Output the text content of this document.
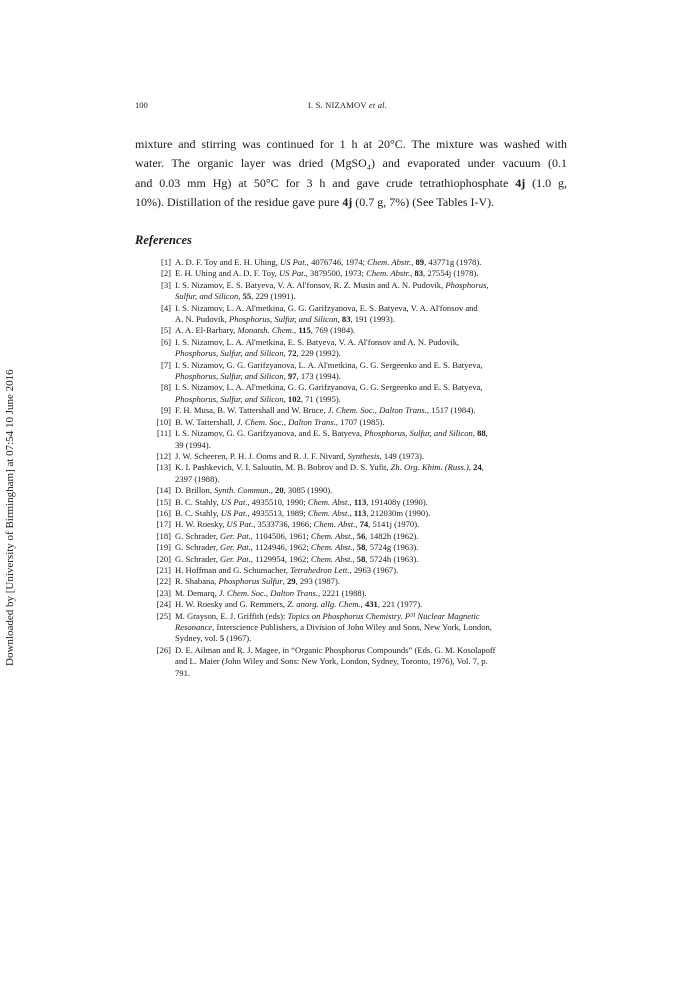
100	I. S. NIZAMOV et al.

mixture and stirring was continued for 1 h at 20°C. The mixture was washed with
water. The organic layer was dried (MgSO₄) and evaporated under vacuum (0.1
and 0.03 mm Hg) at 50°C for 3 h and gave crude tetrathiophosphate 4j (1.0 g,
10%). Distillation of the residue gave pure 4j (0.7 g, 7%) (See Tables I-V).

References
[1] A. D. F. Toy and E. H. Uhing, US Pat., 4076746, 1974; Chem. Abstr., 89, 43771g (1978).
[2] E. H. Uhing and A. D. F. Toy, US Pat., 3879500, 1973; Chem. Abstr., 83, 27554j (1978).
[3] I. S. Nizamov, E. S. Batyeva, V. A. Al'fonsov, R. Z. Musin and A. N. Pudovik, Phosphorus,
Sulfur, and Silicon, 55, 229 (1991).
[4] I. S. Nizamov, L. A. Al'metkina, G. G. Garifzyanova, E. S. Batyeva, V. A. Al'fonsov and
A. N. Pudovik, Phosphorus, Sulfur, and Silicon, 83, 191 (1993).
[5] A. A. El-Barbary, Monatsh. Chem., 115, 769 (1984).
[6] I. S. Nizamov, L. A. Al'metkina, E. S. Batyeva, V. A. Al'fonsov and A. N. Pudovik,
Phosphorus, Sulfur, and Silicon, 72, 229 (1992).
[7] I. S. Nizamov, G. G. Garifzyanova, L. A. Al'metkina, G. G. Sergeenko and E. S. Batyeva,
Phosphorus, Sulfur, and Silicon, 97, 173 (1994).
[8] I. S. Nizamov, L. A. Al'metkina, G. G. Garifzyanova, G. G. Sergeenko and E. S. Batyeva,
Phosphorus, Sulfur, and Silicon, 102, 71 (1995).
[9] F. H. Musa, B. W. Tattershall and W. Bruce, J. Chem. Soc., Dalton Trans., 1517 (1984).
[10] B. W. Tattershall, J. Chem. Soc., Dalton Trans., 1707 (1985).
[11] I. S. Nizamov, G. G. Garifzyanova, and E. S. Batyeva, Phosphorus, Sulfur, and Silicon, 88,
39 (1994).
[12] J. W. Scheeren, P. H. J. Ooms and R. J. F. Nivard, Synthesis, 149 (1973).
[13] K. I. Pashkevich, V. I. Saloutin, M. B. Bobrov and D. S. Yufit, Zh. Org. Khim. (Russ.), 24,
2397 (1988).
[14] D. Brillon, Synth. Commun., 20, 3085 (1990).
[15] B. C. Stahly, US Pat., 4935510, 1990; Chem. Abst., 113, 191408y (1990).
[16] B. C. Stahly, US Pat., 4935513, 1989; Chem. Abst., 113, 212030m (1990).
[17] H. W. Roesky, US Pat., 3533736, 1966; Chem. Abst., 74, 5141j (1970).
[18] G. Schrader, Ger. Pat., 1104506, 1961; Chem. Abst., 56, 1482h (1962).
[19] G. Schrader, Ger. Pat., 1124946, 1962; Chem. Abst., 58, 5724g (1963).
[20] G. Schrader, Ger. Pat., 1129954, 1962; Chem. Abst., 58, 5724h (1963).
[21] H. Hoffman and G. Schumacher, Tetrahedron Lett., 2963 (1967).
[22] R. Shabana, Phosphorus Sulfur, 29, 293 (1987).
[23] M. Demarq, J. Chem. Soc., Dalton Trans., 2221 (1988).
[24] H. W. Roesky and G. Remmers, Z. anorg. allg. Chem., 431, 221 (1977).
[25] M. Grayson, E. J. Griffith (eds): Topics on Phosphorus Chemistry. P³¹ Nuclear Magnetic
Resonance, Interscience Publishers, a Division of John Wiley and Sons, New York, London,
Sydney, vol. 5 (1967).
[26] D. E. Ailman and R. J. Magee, in “Organic Phosphorus Compounds” (Eds. G. M. Kosolapoff
and L. Maier (John Wiley and Sons: New York, London, Sydney, Toronto, 1976), Vol. 7, p.
791.
Downloaded by [University of Birmingham] at 07:54 10 June 2016
